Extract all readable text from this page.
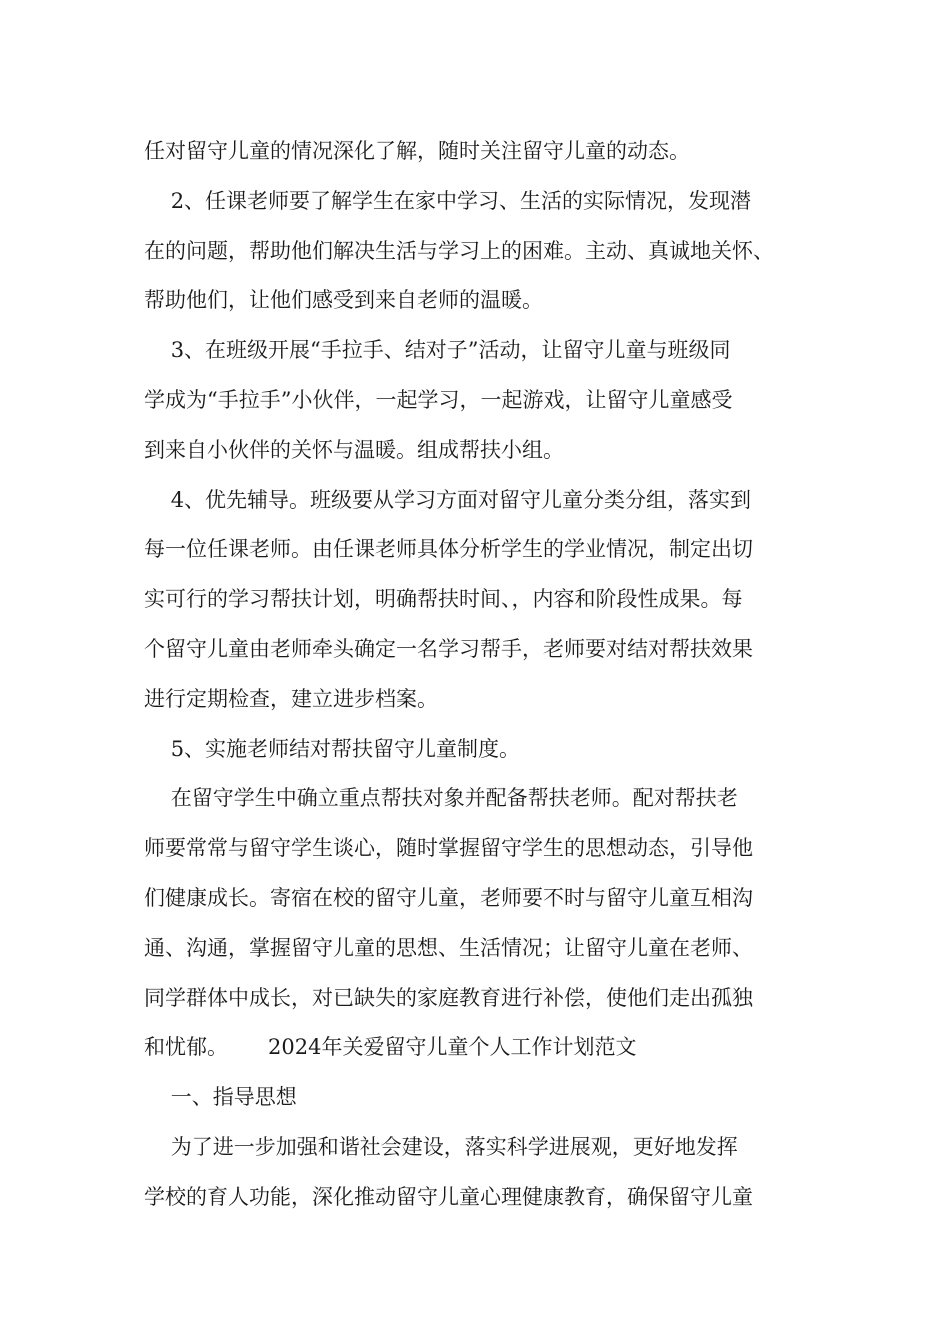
任对留守儿童的情况深化了解，随时关注留守儿童的动态。
2、任课老师要了解学生在家中学习、生活的实际情况，发现潜
在的问题，帮助他们解决生活与学习上的困难。主动、真诚地关怀、
帮助他们，让他们感受到来自老师的温暖。
3、在班级开展“手拉手、结对子”活动，让留守儿童与班级同
学成为“手拉手”小伙伴，一起学习，一起游戏，让留守儿童感受
到来自小伙伴的关怀与温暖。组成帮扶小组。
4、优先辅导。班级要从学习方面对留守儿童分类分组，落实到
每一位任课老师。由任课老师具体分析学生的学业情况，制定出切
实可行的学习帮扶计划，明确帮扶时间、，内容和阶段性成果。每
个留守儿童由老师牵头确定一名学习帮手，老师要对结对帮扶效果
进行定期检查，建立进步档案。
5、实施老师结对帮扶留守儿童制度。
在留守学生中确立重点帮扶对象并配备帮扶老师。配对帮扶老
师要常常与留守学生谈心，随时掌握留守学生的思想动态，引导他
们健康成长。寄宿在校的留守儿童，老师要不时与留守儿童互相沟
通、沟通，掌握留守儿童的思想、生活情况；让留守儿童在老师、
同学群体中成长，对已缺失的家庭教育进行补偿，使他们走出孤独
和忧郁。      2024年关爱留守儿童个人工作计划范文
一、指导思想
为了进一步加强和谐社会建设，落实科学进展观，更好地发挥
学校的育人功能，深化推动留守儿童心理健康教育，确保留守儿童
